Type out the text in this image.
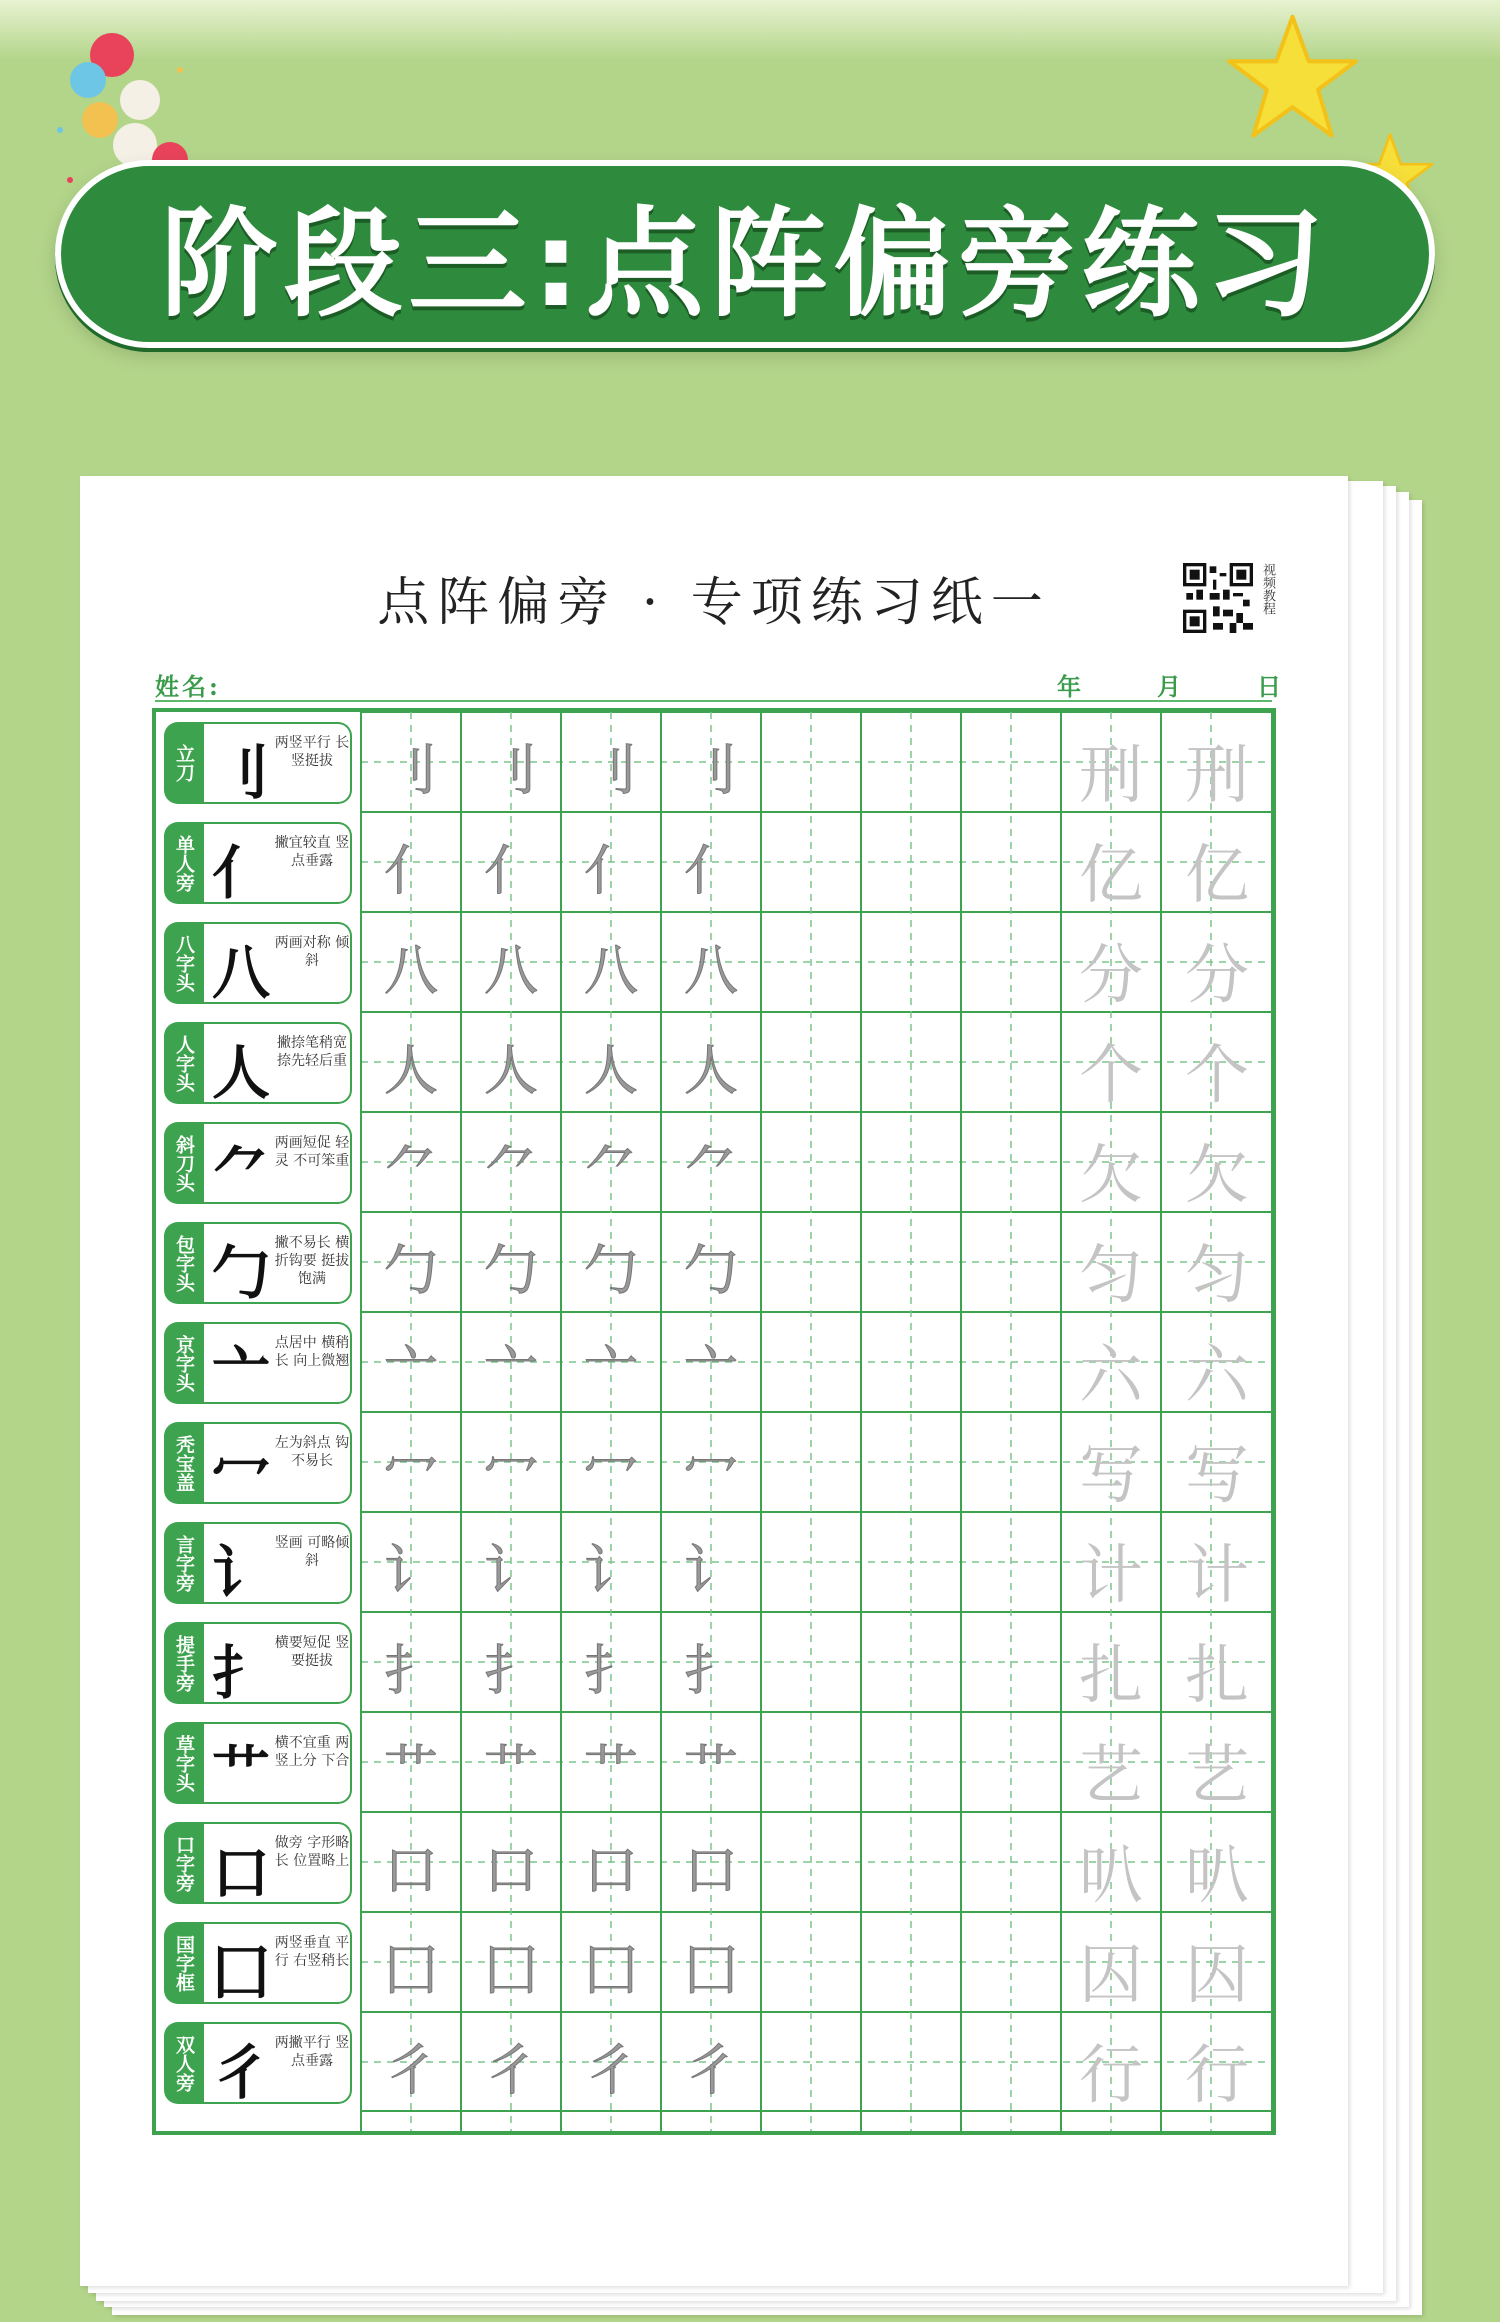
阶段三:点阵偏旁练习
点阵偏旁 · 专项练习纸一	视频教程
姓名:	年	月	日
立刀 刂 两竖平行 长竖挺拔 刂 刂 刂 刂	刑 刑
单人旁 亻 撇宜较直 竖点垂露 亻 亻 亻 亻	亿 亿
八字头 八 两画对称 倾斜	八 八 八 八	分 分
人字头 人 撇捺笔稍宽 捺先轻后重 人 人 人 人	个 个
斜刀头 ⺈ 两画短促 轻灵 不可笨重 ⺈ ⺈ ⺈ ⺈	欠 欠
包字头 勹 撇不易长 横折钩要 挺拔饱满	勹 勹 勹 勹	匀 匀
京字头 亠 点居中 横稍长 向上微翘 亠 亠 亠 亠	六 六
秃宝盖 冖 左为斜点 钩不易长 冖 冖 冖 冖	写 写
言字旁 讠 竖画 可略倾斜	讠 讠 讠 讠	计 计
提手旁 扌 横要短促 竖要挺拔 扌 扌 扌 扌	扎 扎
草字头 艹 横不宜重 两竖上分 下合 艹 艹 艹 艹	艺 艺
口字旁 口 做旁 字形略长 位置略上 口 口 口 口	叭 叭
国字框 囗 两竖垂直 平行 右竖稍长 囗 囗 囗 囗	囚 囚
双人旁 彳 两撇平行 竖点垂露 彳 彳 彳 彳	行 行
